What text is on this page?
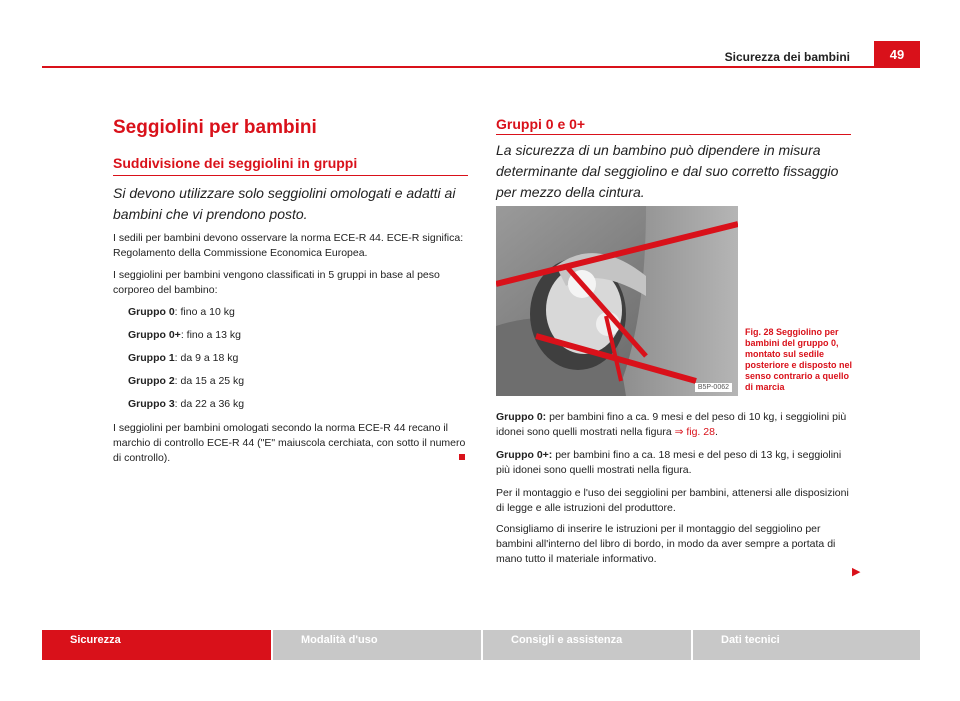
Sicurezza dei bambini	49
Seggiolini per bambini
Suddivisione dei seggiolini in gruppi
Si devono utilizzare solo seggiolini omologati e adatti ai bambini che vi prendono posto.
I sedili per bambini devono osservare la norma ECE-R 44. ECE-R significa: Regolamento della Commissione Economica Europea.
I seggiolini per bambini vengono classificati in 5 gruppi in base al peso corporeo del bambino:
Gruppo 0: fino a 10 kg
Gruppo 0+: fino a 13 kg
Gruppo 1: da 9 a 18 kg
Gruppo 2: da 15 a 25 kg
Gruppo 3: da 22 a 36 kg
I seggiolini per bambini omologati secondo la norma ECE-R 44 recano il marchio di controllo ECE-R 44 ("E" maiuscola cerchiata, con sotto il numero di controllo).
Gruppi 0 e 0+
La sicurezza di un bambino può dipendere in misura determinante dal seggiolino e dal suo corretto fissaggio per mezzo della cintura.
B5P-0062
Fig. 28 Seggiolino per bambini del gruppo 0, montato sul sedile posteriore e disposto nel senso contrario a quello di marcia
Gruppo 0: per bambini fino a ca. 9 mesi e del peso di 10 kg, i seggiolini più idonei sono quelli mostrati nella figura ⇒ fig. 28.
Gruppo 0+: per bambini fino a ca. 18 mesi e del peso di 13 kg, i seggiolini più idonei sono quelli mostrati nella figura.
Per il montaggio e l'uso dei seggiolini per bambini, attenersi alle disposizioni di legge e alle istruzioni del produttore.
Consigliamo di inserire le istruzioni per il montaggio del seggiolino per bambini all'interno del libro di bordo, in modo da aver sempre a portata di mano tutto il materiale informativo.
▶
Sicurezza	Modalità d'uso	Consigli e assistenza	Dati tecnici
